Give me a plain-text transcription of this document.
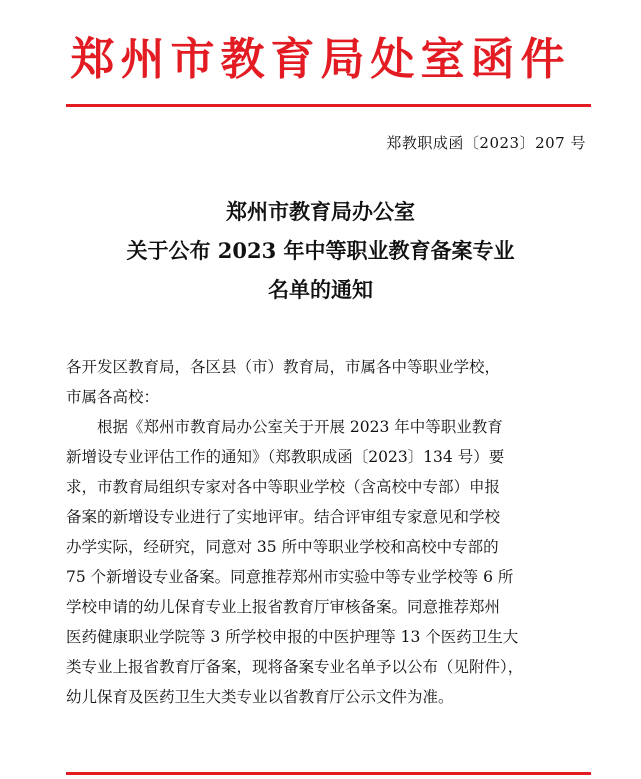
郑州市教育局处室函件
郑教职成函〔2023〕207 号
郑州市教育局办公室
关于公布 2023 年中等职业教育备案专业
名单的通知

各开发区教育局，各区县（市）教育局，市属各中等职业学校，
市属各高校：

根据《郑州市教育局办公室关于开展 2023 年中等职业教育
新增设专业评估工作的通知》（郑教职成函〔2023〕134 号）要
求，市教育局组织专家对各中等职业学校（含高校中专部）申报
备案的新增设专业进行了实地评审。结合评审组专家意见和学校
办学实际，经研究，同意对 35 所中等职业学校和高校中专部的
75 个新增设专业备案。同意推荐郑州市实验中等专业学校等 6 所
学校申请的幼儿保育专业上报省教育厅审核备案。同意推荐郑州
医药健康职业学院等 3 所学校申报的中医护理等 13 个医药卫生大
类专业上报省教育厅备案，现将备案专业名单予以公布（见附件），
幼儿保育及医药卫生大类专业以省教育厅公示文件为准。
